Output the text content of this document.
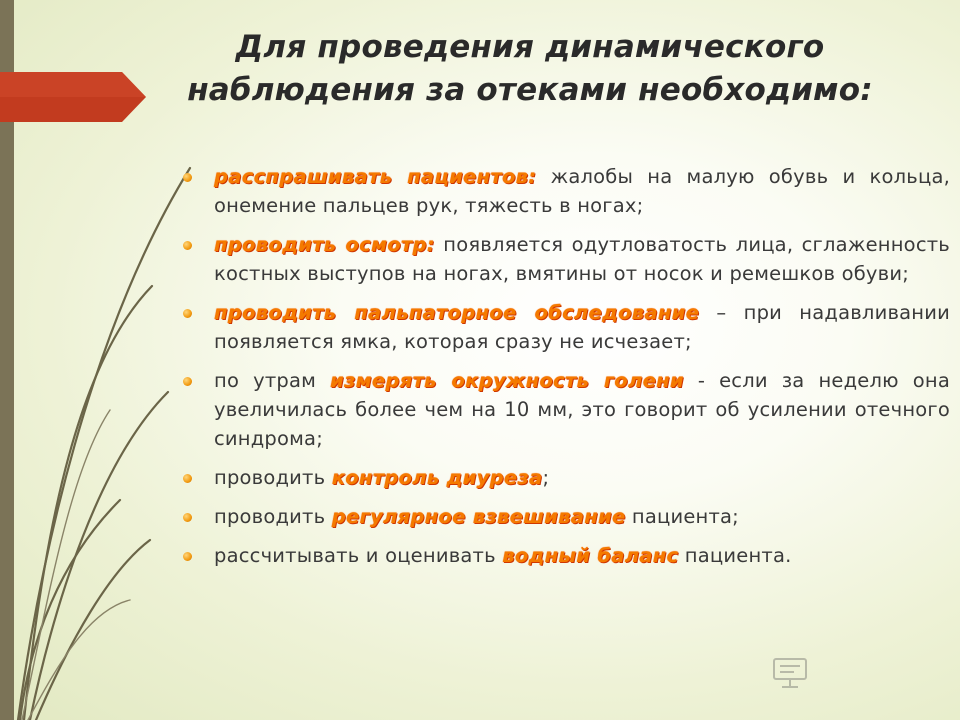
Для проведения динамического
наблюдения за отеками необходимо:
расспрашивать пациентов: жалобы на малую обувь и кольца, онемение пальцев рук, тяжесть в ногах;
проводить осмотр: появляется одутловатость лица, сглаженность костных выступов на ногах, вмятины от носок и ремешков обуви;
проводить пальпаторное обследование – при надавливании появляется ямка, которая сразу не исчезает;
по утрам измерять окружность голени - если за неделю она увеличилась более чем на 10 мм, это говорит об усилении отечного синдрома;
проводить контроль диуреза;
проводить регулярное взвешивание пациента;
рассчитывать и оценивать водный баланс пациента.
